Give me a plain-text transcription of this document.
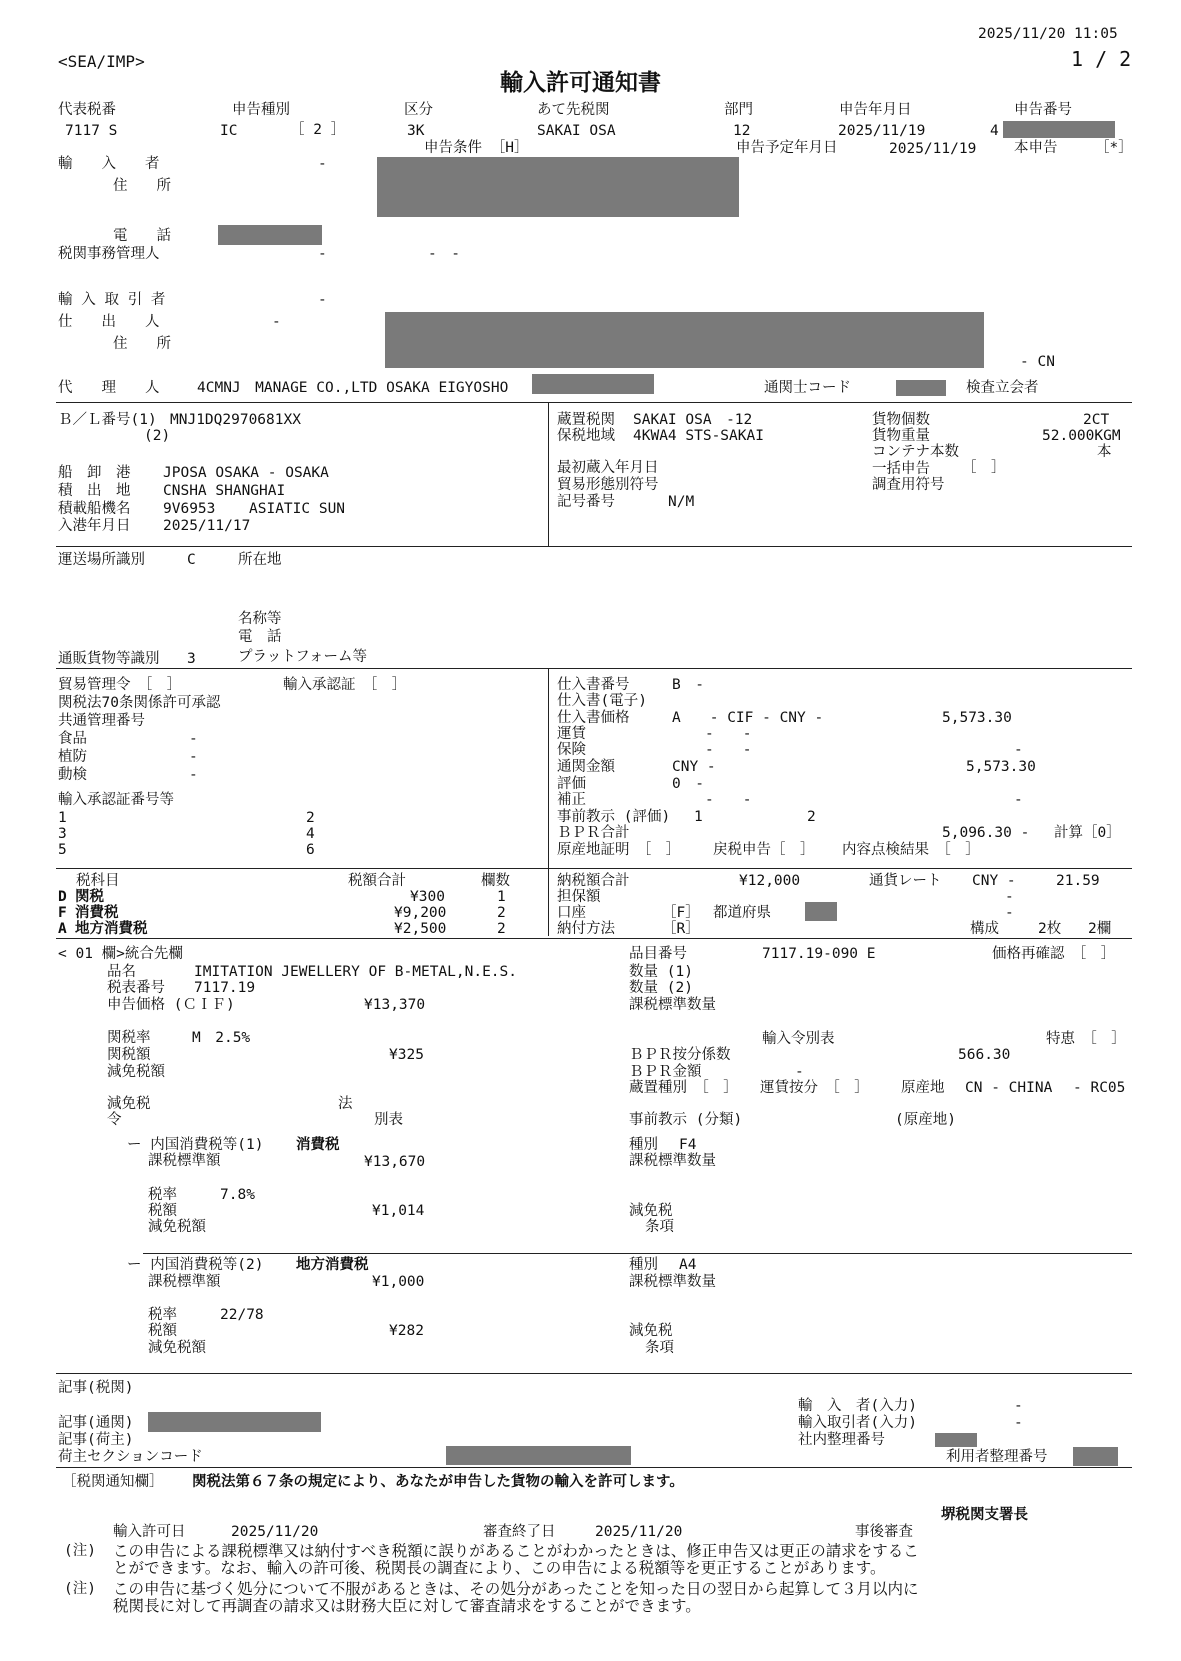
2025/11/20 11:05
1 / 2
<SEA/IMP>
輸入許可通知書
代表税番
7117 S
申告種別
IC	［ 2 ］
区分
3K
あて先税関
SAKAI OSA
部門
12
申告年月日
2025/11/19
申告番号
4
申告条件 ［H］	申告予定年月日	2025/11/19	本申告	［*］
輸　　入　　者	-
住　　所
電　　話
税関事務管理人	-	-　-
輸 入 取 引 者	-
仕　　出　　人	-
住　　所
- CN
代　　理　　人	4CMNJ　MANAGE CO.,LTD OSAKA EIGYOSHO	通関士コード	検査立会者
Ｂ／Ｌ番号(1) MNJ1DQ2970681XX
(2)
船　卸　港 JPOSA OSAKA - OSAKA
積　出　地 CNSHA SHANGHAI
積載船機名 9V6953 ASIATIC SUN
入港年月日 2025/11/17
蔵置税関 SAKAI OSA　-12
保税地域 4KWA4 STS-SAKAI
最初蔵入年月日
貿易形態別符号
記号番号	N/M
貨物個数	2CT
貨物重量	52.000KGM
コンテナ本数	本
一括申告 ［　］
調査用符号
運送場所識別	C	所在地
名称等
電　話
通販貨物等識別 3	プラットフォーム等
貿易管理令　［　］	輸入承認証　［　］
関税法70条関係許可承認
共通管理番号
食品	-
植防	-
動検	-
輸入承認証番号等
1	2
3	4
5	6
仕入書番号	B　-
仕入書(電子)
仕入書価格	A　　- CIF - CNY -	5,573.30
運賃	-　　-
保険	-　　-	-
通関金額	CNY -	5,573.30
評価	0　-
補正	-　　-	-
事前教示 (評価) 1	2
ＢＰＲ合計	5,096.30 - 計算［0］
原産地証明　［　］ 戻税申告［　］ 内容点検結果　［　］
税科目	税額合計	欄数
D 関税	¥300	1
F 消費税	¥9,200	2
A 地方消費税	¥2,500	2
納税額合計	¥12,000	通貨レート CNY -	21.59
担保額	-
口座	［F］ 都道府県	-
納付方法	［R］	構成	2枚 2欄
< 01 欄>統合先欄
品名	IMITATION JEWELLERY OF B-METAL,N.E.S.
税表番号 7117.19
申告価格 (ＣＩＦ)	¥13,370
関税率	M　2.5%
関税額	¥325
減免税額
減免税
令
法
別表
品目番号	7117.19-090 E	価格再確認　［　］
数量 (1)
数量 (2)
課税標準数量
輸入令別表	特恵　［　］
ＢＰＲ按分係数	566.30
ＢＰＲ金額	-
蔵置種別　［　］ 運賃按分　［　］ 原産地 CN - CHINA - RC05
事前教示 (分類)	(原産地)
ー 内国消費税等(1) 消費税
課税標準額	¥13,670
税率	7.8%
税額	¥1,014
減免税額
種別 F4
課税標準数量
減免税
条項
ー 内国消費税等(2) 地方消費税
課税標準額	¥1,000
税率	22/78
税額	¥282
減免税額
種別 A4
課税標準数量
減免税
条項
記事(税関)
記事(通関)
記事(荷主)
荷主セクションコード
輸　入　者(入力)	-
輸入取引者(入力)	-
社内整理番号
利用者整理番号
［税関通知欄］ 関税法第６７条の規定により、あなたが申告した貨物の輸入を許可します。
堺税関支署長
輸入許可日	2025/11/20	審査終了日	2025/11/20	事後審査
(注) この申告による課税標準又は納付すべき税額に誤りがあることがわかったときは、修正申告又は更正の請求をするこ
とができます。なお、輸入の許可後、税関長の調査により、この申告による税額等を更正することがあります。
(注) この申告に基づく処分について不服があるときは、その処分があったことを知った日の翌日から起算して３月以内に
税関長に対して再調査の請求又は財務大臣に対して審査請求をすることができます。
